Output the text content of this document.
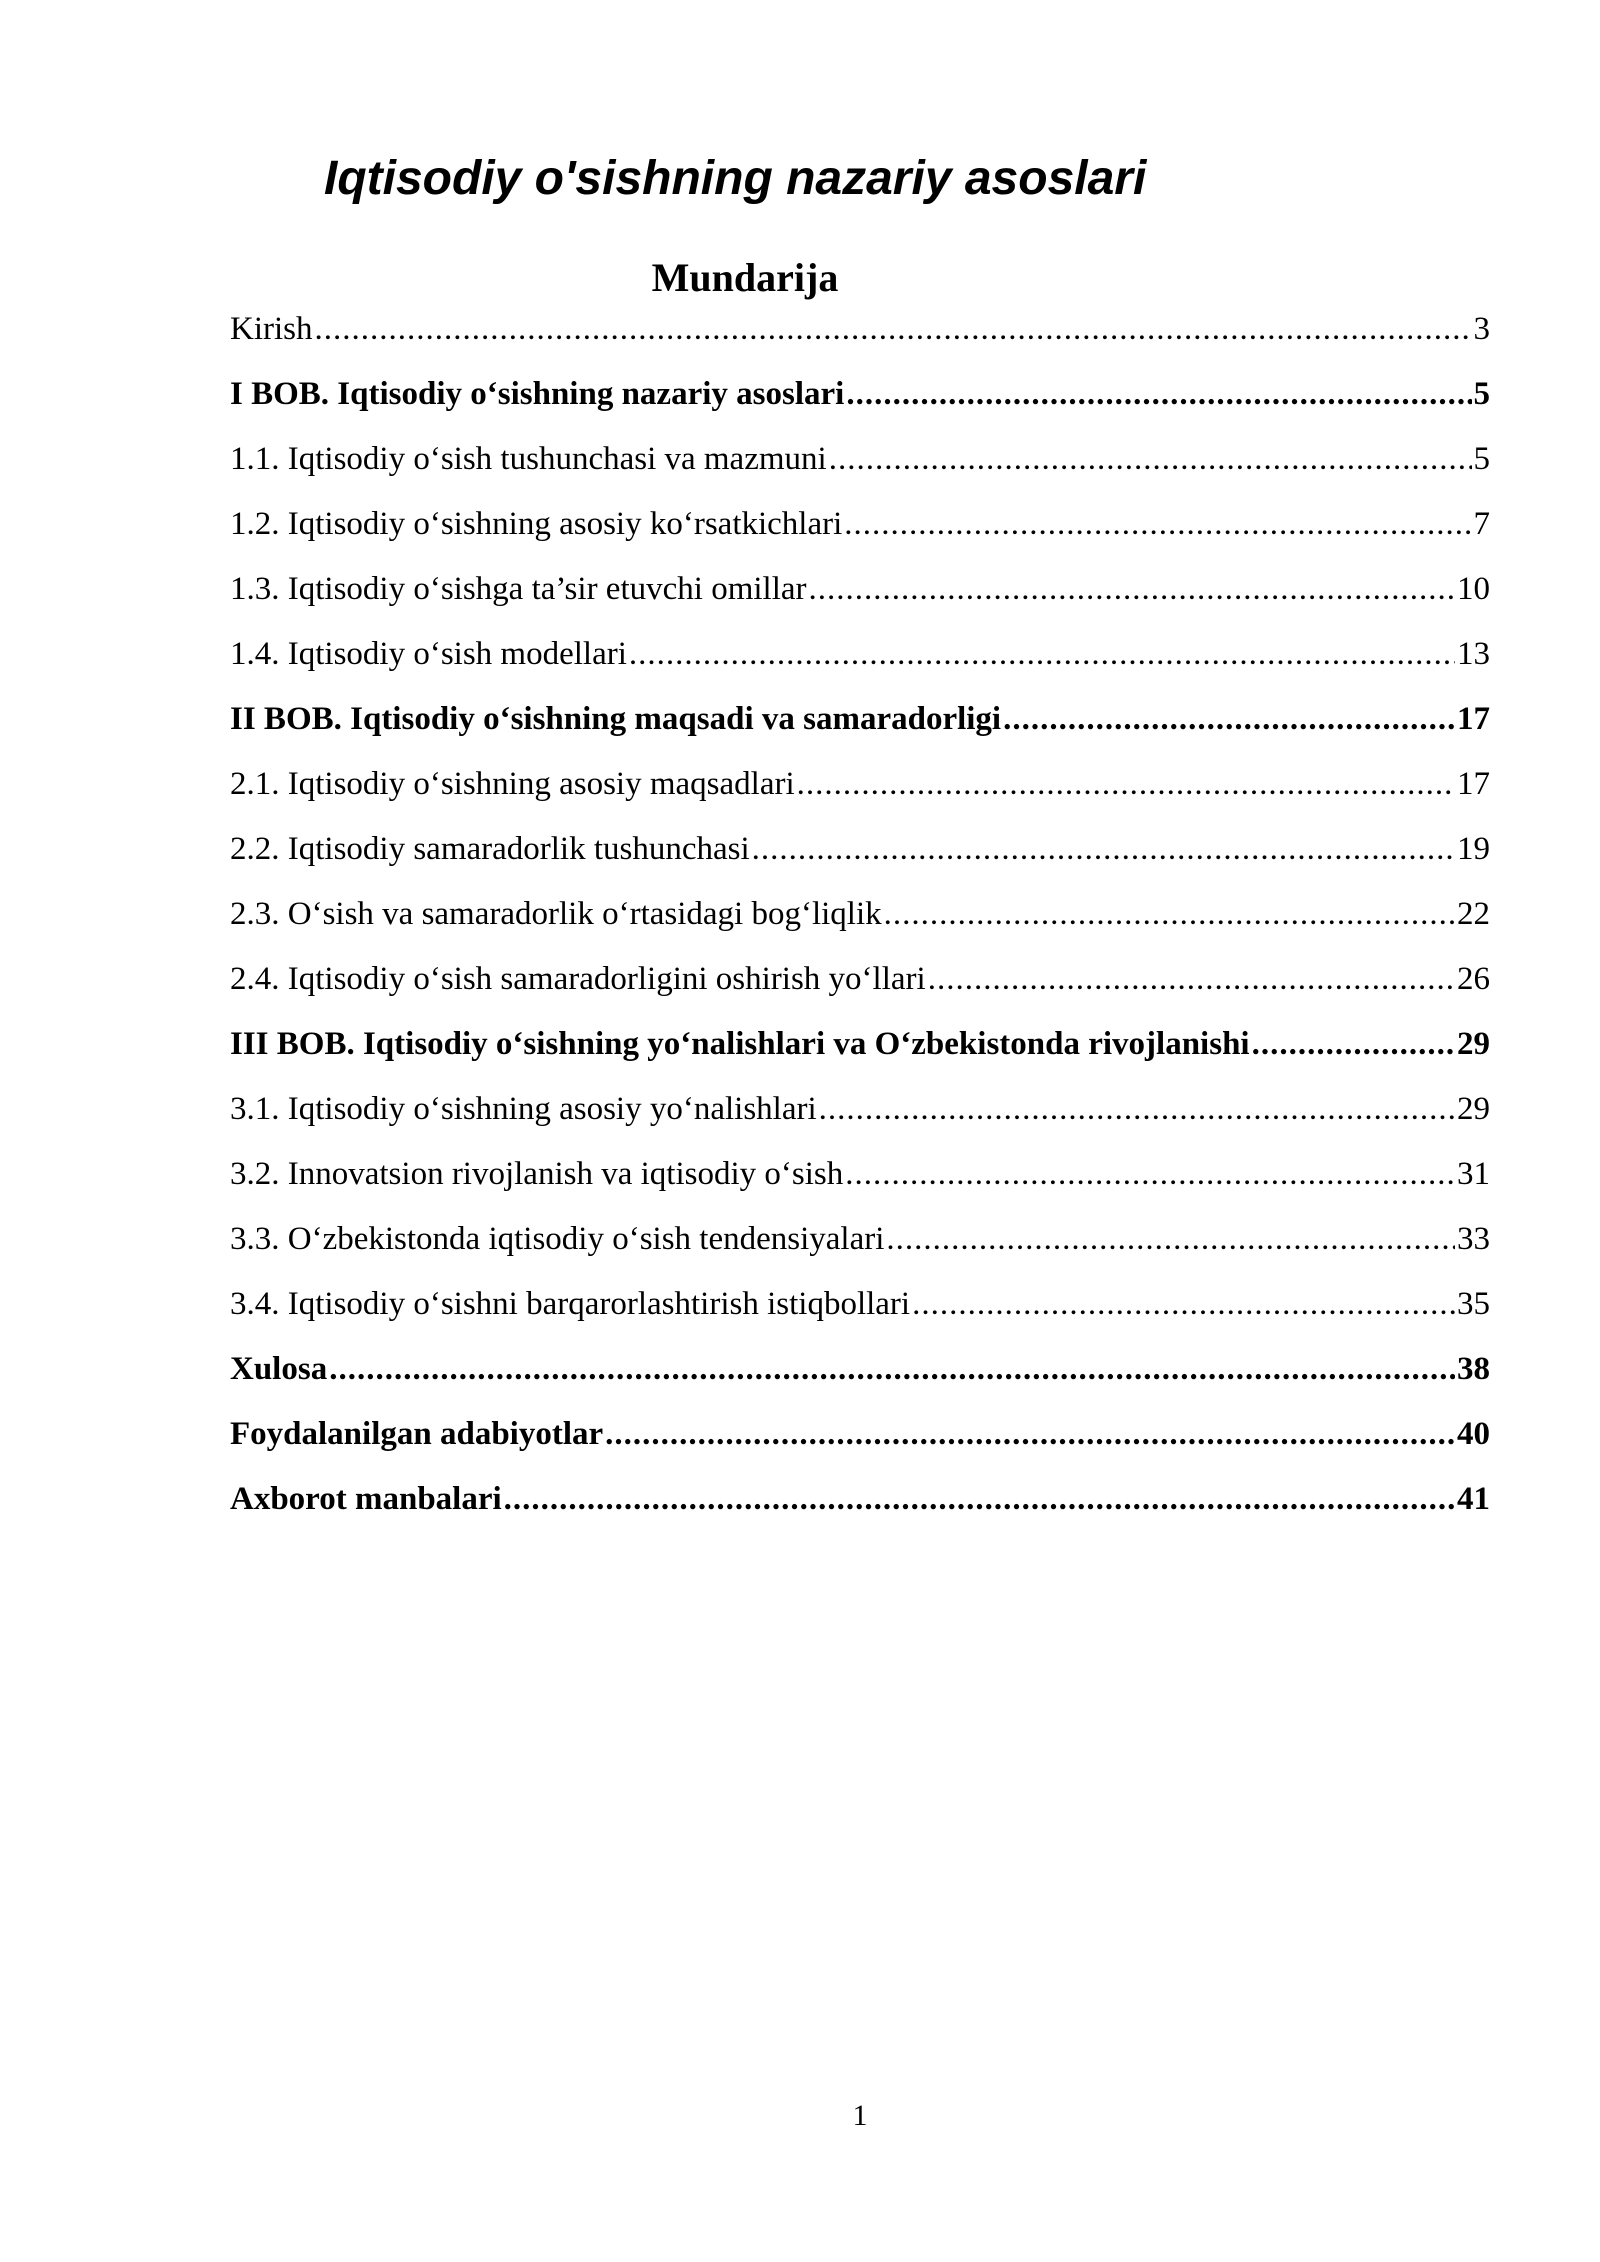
Iqtisodiy o'sishning nazariy asoslari
Mundarija
Kirish .....	3
I BOB. Iqtisodiy o‘sishning nazariy asoslari .....	5
1.1. Iqtisodiy o‘sish tushunchasi va mazmuni .....	5
1.2. Iqtisodiy o‘sishning asosiy ko‘rsatkichlari .....	7
1.3. Iqtisodiy o‘sishga ta’sir etuvchi omillar .....	10
1.4. Iqtisodiy o‘sish modellari .....	13
II BOB. Iqtisodiy o‘sishning maqsadi va samaradorligi .....	17
2.1. Iqtisodiy o‘sishning asosiy maqsadlari .....	17
2.2. Iqtisodiy samaradorlik tushunchasi .....	19
2.3. O‘sish va samaradorlik o‘rtasidagi bog‘liqlik .....	22
2.4. Iqtisodiy o‘sish samaradorligini oshirish yo‘llari .....	26
III BOB. Iqtisodiy o‘sishning yo‘nalishlari va O‘zbekistonda rivojlanishi .....	29
3.1. Iqtisodiy o‘sishning asosiy yo‘nalishlari .....	29
3.2. Innovatsion rivojlanish va iqtisodiy o‘sish .....	31
3.3. O‘zbekistonda iqtisodiy o‘sish tendensiyalari .....	33
3.4. Iqtisodiy o‘sishni barqarorlashtirish istiqbollari .....	35
Xulosa .....	38
Foydalanilgan adabiyotlar .....	40
Axborot manbalari .....	41
1
